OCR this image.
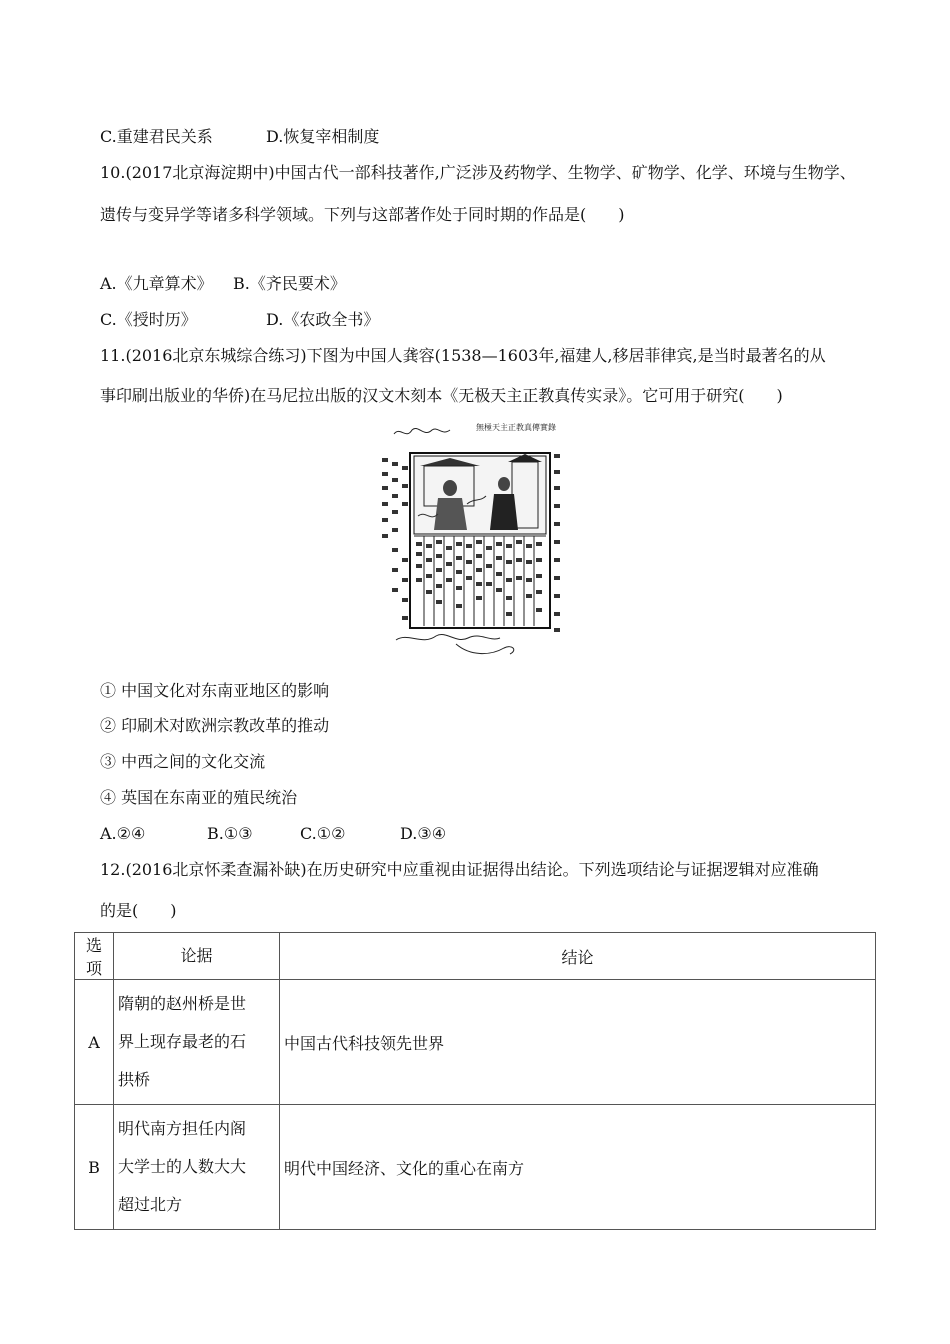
C.重建君民关系	D.恢复宰相制度
10.(2017北京海淀期中)中国古代一部科技著作,广泛涉及药物学、生物学、矿物学、化学、环境与生物学、
遗传与变异学等诸多科学领域。下列与这部著作处于同时期的作品是(　　)
A.《九章算术》 B.《齐民要术》
C.《授时历》	D.《农政全书》
11.(2016北京东城综合练习)下图为中国人龚容(1538—1603年,福建人,移居菲律宾,是当时最著名的从
事印刷出版业的华侨)在马尼拉出版的汉文木刻本《无极天主正教真传实录》。它可用于研究(　　)
無極天主正教真傳實錄
① 中国文化对东南亚地区的影响
② 印刷术对欧洲宗教改革的推动
③ 中西之间的文化交流
④ 英国在东南亚的殖民统治
A.②④	B.①③	C.①②	D.③④
12.(2016北京怀柔查漏补缺)在历史研究中应重视由证据得出结论。下列选项结论与证据逻辑对应准确
的是(　　)
选项	论据	结论
A	隋朝的赵州桥是世
界上现存最老的石
拱桥	中国古代科技领先世界
B	明代南方担任内阁
大学士的人数大大
超过北方	明代中国经济、文化的重心在南方
